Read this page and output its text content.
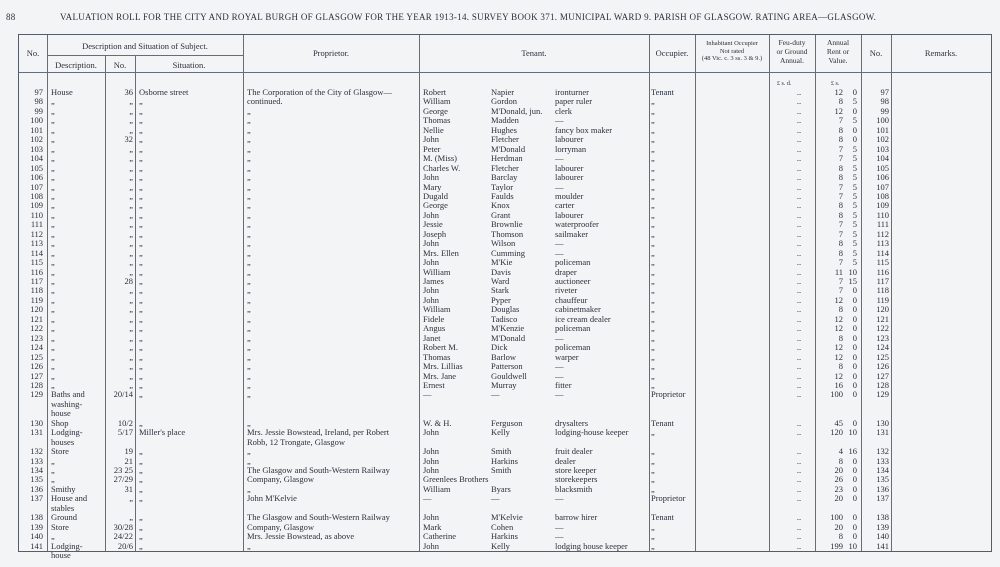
88	VALUATION ROLL FOR THE CITY AND ROYAL BURGH OF GLASGOW FOR THE YEAR 1913-14. SURVEY BOOK 371. MUNICIPAL WARD 9. PARISH OF GLASGOW. RATING AREA—GLASGOW.
No.
Description and Situation of Subject.
Description.	No.	Situation.
Proprietor.	Tenant.	Occupier.
Inhabitant Occupier
Not rated
(48 Vic. c. 3 ss. 3 & 9.)
Feu-duty
or Ground
Annual.
Annual
Rent or
Value.
No.	Remarks.
£ s. d.	£ s.
97 House	36 Osborne street	The Corporation of the City of Glasgow—	Robert	Napier	ironturner	Tenant	..	12	0	97
98 „	„ „	continued.	William	Gordon	paper ruler	„	..	8	5	98
99 „	„ „	„	George	M'Donald, jun.	clerk	„	..	12	0	99
100 „	„ „	„	Thomas	Madden	—	„	..	7	5	100
101 „	„ „	„	Nellie	Hughes	fancy box maker	„	..	8	0	101
102 „	32 „	„	John	Fletcher	labourer	„	..	8	0	102
103 „	„ „	„	Peter	M'Donald	lorryman	„	..	7	5	103
104 „	„ „	„	M. (Miss)	Herdman	—	„	..	7	5	104
105 „	„ „	„	Charles W.	Fletcher	labourer	„	..	8	5	105
106 „	„ „	„	John	Barclay	labourer	„	..	8	5	106
107 „	„ „	„	Mary	Taylor	—	„	..	7	5	107
108 „	„ „	„	Dugald	Faulds	moulder	„	..	7	5	108
109 „	„ „	„	George	Knox	carter	„	..	8	5	109
110 „	„ „	„	John	Grant	labourer	„	..	8	5	110
111 „	„ „	„	Jessie	Brownlie	waterproofer	„	..	7	5	111
112 „	„ „	„	Joseph	Thomson	sailmaker	„	..	7	5	112
113 „	„ „	„	John	Wilson	—	„	..	8	5	113
114 „	„ „	„	Mrs. Ellen	Cumming	—	„	..	8	5	114
115 „	„ „	„	John	M'Kie	policeman	„	..	7	5	115
116 „	„ „	„	William	Davis	draper	„	..	11 10	116
117 „	28 „	„	James	Ward	auctioneer	„	..	7 15	117
118 „	„ „	„	John	Stark	riveter	„	..	7	0	118
119 „	„ „	„	John	Pyper	chauffeur	„	..	12	0	119
120 „	„ „	„	William	Douglas	cabinetmaker	„	..	8	0	120
121 „	„ „	„	Fidele	Tadisco	ice cream dealer	„	..	12	0	121
122 „	„ „	„	Angus	M'Kenzie	policeman	„	..	12	0	122
123 „	„ „	„	Janet	M'Donald	—	„	..	8	0	123
124 „	„ „	„	Robert M.	Dick	policeman	„	..	12	0	124
125 „	„ „	„	Thomas	Barlow	warper	„	..	12	0	125
126 „	„ „	„	Mrs. Lillias	Patterson	—	„	..	8	0	126
127 „	„ „	„	Mrs. Jane	Gouldwell	—	„	..	12	0	127
128 „	„ „	„	Ernest	Murray	fitter	„	..	16	0	128
129 Baths and	20/14 „	„	—	—	—	Proprietor	..	100	0	129
washing-
house
130 Shop	10/2 „	„	W. & H.	Ferguson	drysalters	Tenant	..	45	0	130
131 Lodging-	5/17 Miller's place	Mrs. Jessie Bowstead, Ireland, per Robert	John	Kelly	lodging-house keeper	„	..	120 10	131
houses	Robb, 12 Trongate, Glasgow
132 Store	19 „	„	John	Smith	fruit dealer	„	..	4 16	132
133 „	21 „	„	John	Harkins	dealer	„	..	8	0	133
134 „	23 25 „	The Glasgow and South-Western Railway	John	Smith	store keeper	„	..	20	0	134
135 „	27/29 „	Company, Glasgow	Greenlees Brothers	storekeepers	„	..	26	0	135
136 Smithy	31 „	„	William	Byars	blacksmith	„	..	23	0	136
137 House and	„ „	John M'Kelvie	—	—	—	Proprietor	..	20	0	137
stables
138 Ground	„ „	The Glasgow and South-Western Railway	John	M'Kelvie	barrow hirer	Tenant	..	100	0	138
139 Store	30/28 „	Company, Glasgow	Mark	Cohen	—	„	..	20	0	139
140 „	24/22 „	Mrs. Jessie Bowstead, as above	Catherine	Harkins	—	„	..	8	0	140
141 Lodging-	20/6 „	„	John	Kelly	lodging house keeper	„	..	199 10	141
house
